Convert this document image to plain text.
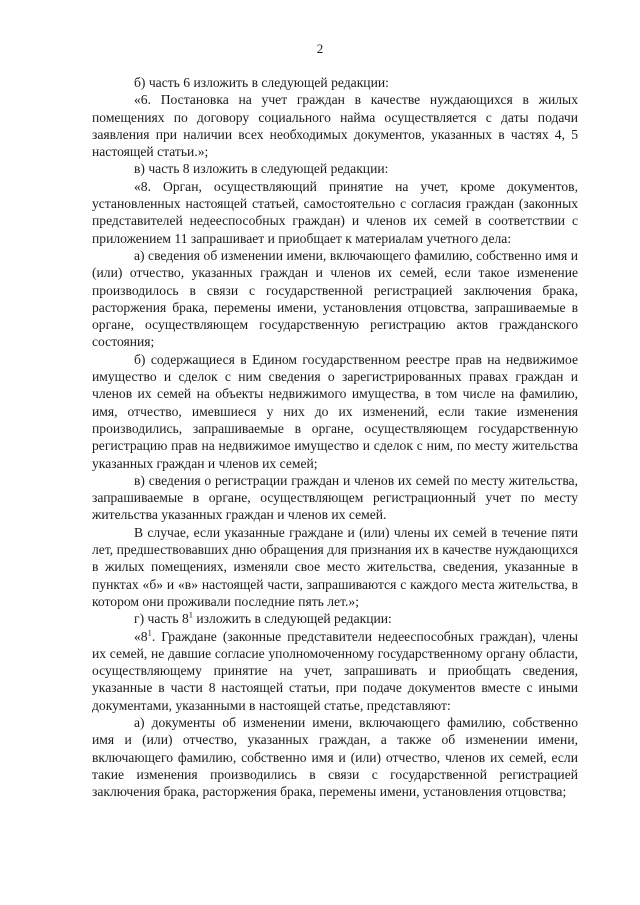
2

б) часть 6 изложить в следующей редакции:

«6. Постановка на учет граждан в качестве нуждающихся в жилых помещениях по договору социального найма осуществляется с даты подачи заявления при наличии всех необходимых документов, указанных в частях 4, 5 настоящей статьи.»;

в) часть 8 изложить в следующей редакции:

«8. Орган, осуществляющий принятие на учет, кроме документов, установленных настоящей статьей, самостоятельно с согласия граждан (законных представителей недееспособных граждан) и членов их семей в соответствии с приложением 11 запрашивает и приобщает к материалам учетного дела:

а) сведения об изменении имени, включающего фамилию, собственно имя и (или) отчество, указанных граждан и членов их семей, если такое изменение производилось в связи с государственной регистрацией заключения брака, расторжения брака, перемены имени, установления отцовства, запрашиваемые в органе, осуществляющем государственную регистрацию актов гражданского состояния;

б) содержащиеся в Едином государственном реестре прав на недвижимое имущество и сделок с ним сведения о зарегистрированных правах граждан и членов их семей на объекты недвижимого имущества, в том числе на фамилию, имя, отчество, имевшиеся у них до их изменений, если такие изменения производились, запрашиваемые в органе, осуществляющем государственную регистрацию прав на недвижимое имущество и сделок с ним, по месту жительства указанных граждан и членов их семей;

в) сведения о регистрации граждан и членов их семей по месту жительства, запрашиваемые в органе, осуществляющем регистрационный учет по месту жительства указанных граждан и членов их семей.

В случае, если указанные граждане и (или) члены их семей в течение пяти лет, предшествовавших дню обращения для признания их в качестве нуждающихся в жилых помещениях, изменяли свое место жительства, сведения, указанные в пунктах «б» и «в» настоящей части, запрашиваются с каждого места жительства, в котором они проживали последние пять лет.»;

г) часть $8^1$ изложить в следующей редакции:

«$8^1$. Граждане (законные представители недееспособных граждан), члены их семей, не давшие согласие уполномоченному государственному органу области, осуществляющему принятие на учет, запрашивать и приобщать сведения, указанные в части 8 настоящей статьи, при подаче документов вместе с иными документами, указанными в настоящей статье, представляют:

а) документы об изменении имени, включающего фамилию, собственно имя и (или) отчество, указанных граждан, а также об изменении имени, включающего фамилию, собственно имя и (или) отчество, членов их семей, если такие изменения производились в связи с государственной регистрацией заключения брака, расторжения брака, перемены имени, установления отцовства;
